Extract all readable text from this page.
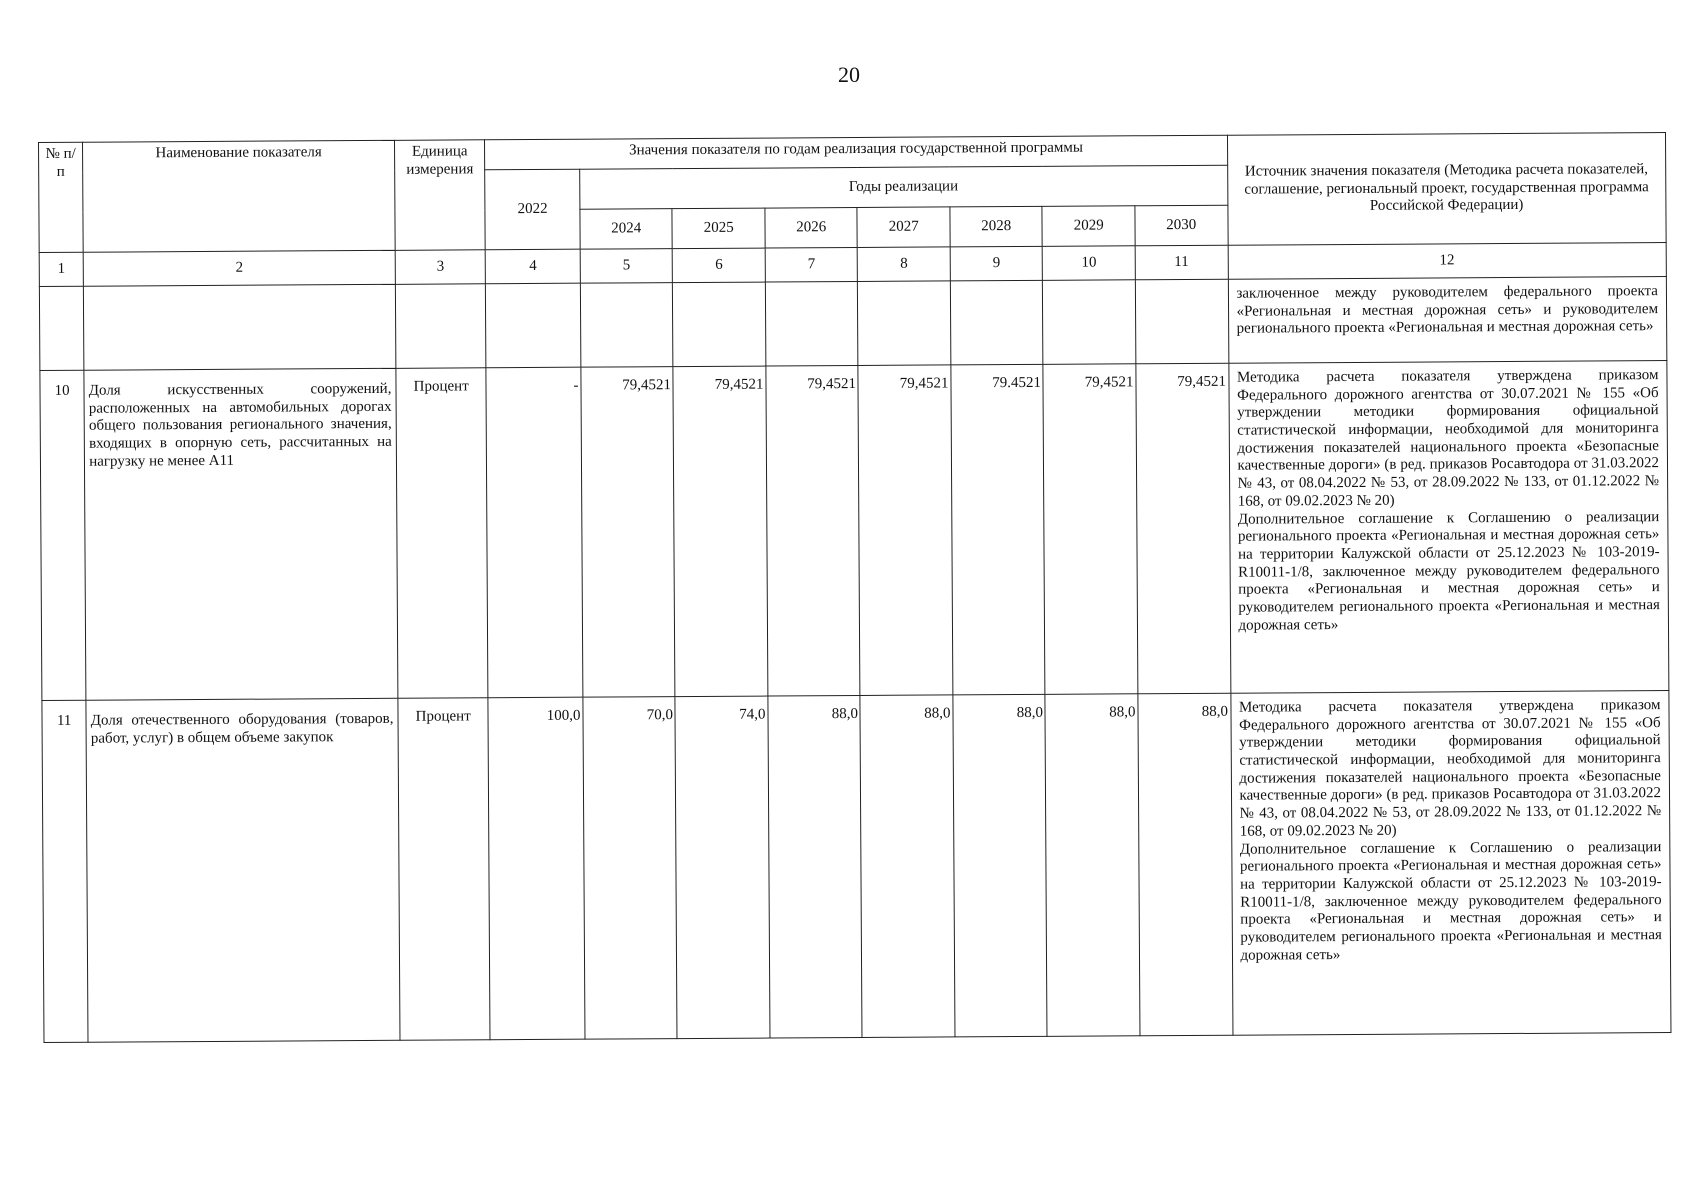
20
№ п/п	Наименование показателя	Единица измерения	Значения показателя по годам реализация государственной программы								Источник значения показателя (Методика расчета показателей, соглашение, региональный проект, государственная программа Российской Федерации)
			2022	Годы реализации							
				2024	2025	2026	2027	2028	2029	2030	
1	2	3	4	5	6	7	8	9	10	11	12

											заключенное между руководителем федерального проекта «Региональная и местная дорожная сеть» и руководителем регионального проекта «Региональная и местная дорожная сеть»

10	Доля искусственных сооружений, расположенных на автомобильных дорогах общего пользования регионального значения, входящих в опорную сеть, рассчитанных на нагрузку не менее А11	Процент	-	79,4521	79,4521	79,4521	79,4521	79.4521	79,4521	79,4521	Методика расчета показателя утверждена приказом Федерального дорожного агентства от 30.07.2021 № 155 «Об утверждении методики формирования официальной статистической информации, необходимой для мониторинга достижения показателей национального проекта «Безопасные качественные дороги» (в ред. приказов Росавтодора от 31.03.2022 № 43, от 08.04.2022 № 53, от 28.09.2022 № 133, от 01.12.2022 № 168, от 09.02.2023 № 20)

Дополнительное соглашение к Соглашению о реализации регионального проекта «Региональная и местная дорожная сеть» на территории Калужской области от 25.12.2023 № 103-2019-R10011-1/8, заключенное между руководителем федерального проекта «Региональная и местная дорожная сеть» и руководителем регионального проекта «Региональная и местная дорожная сеть»

11	Доля отечественного оборудования (товаров, работ, услуг) в общем объеме закупок	Процент	100,0	70,0	74,0	88,0	88,0	88,0	88,0	88,0	Методика расчета показателя утверждена приказом Федерального дорожного агентства от 30.07.2021 № 155 «Об утверждении методики формирования официальной статистической информации, необходимой для мониторинга достижения показателей национального проекта «Безопасные качественные дороги» (в ред. приказов Росавтодора от 31.03.2022 № 43, от 08.04.2022 № 53, от 28.09.2022 № 133, от 01.12.2022 № 168, от 09.02.2023 № 20)

Дополнительное соглашение к Соглашению о реализации регионального проекта «Региональная и местная дорожная сеть» на территории Калужской области от 25.12.2023 № 103-2019-R10011-1/8, заключенное между руководителем федерального проекта «Региональная и местная дорожная сеть» и руководителем регионального проекта «Региональная и местная дорожная сеть»
